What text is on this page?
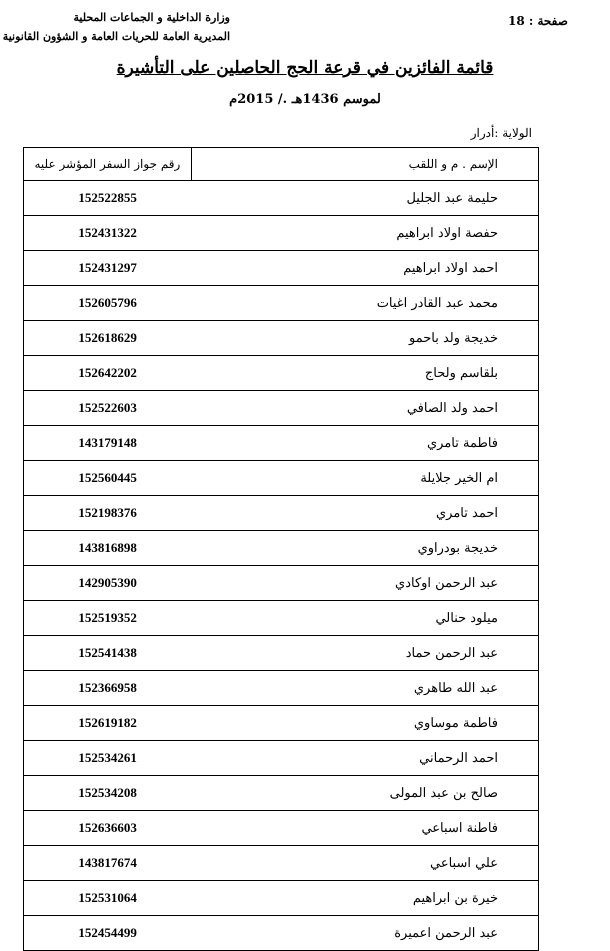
وزارة الداخلية و الجماعات المحلية
المديرية العامة للحريات العامة و الشؤون القانونية
صفحة : 18
قائمة الفائزين في قرعة الحج الحاصلين على التأشيرة
لموسم 1436هـ ./ 2015م
الولاية :أدرار
الإسم . م و اللقب	رقم جواز السفر المؤشر عليه
حليمة عبد الجليل	152522855
حفصة اولاد ابراهيم	152431322
احمد اولاد ابراهيم	152431297
محمد عبد القادر اغيات	152605796
خديجة ولد باحمو	152618629
بلقاسم ولحاج	152642202
احمد ولد الصافي	152522603
فاطمة تامري	143179148
ام الخير جلايلة	152560445
احمد تامري	152198376
خديجة بودراوي	143816898
عبد الرحمن اوكادي	142905390
ميلود حنالي	152519352
عبد الرحمن حماد	152541438
عبد الله طاهري	152366958
فاطمة موساوي	152619182
احمد الرحماني	152534261
صالح بن عبد المولى	152534208
فاطنة اسباعي	152636603
علي اسباعي	143817674
خيرة بن ابراهيم	152531064
عبد الرحمن اعميرة	152454499
